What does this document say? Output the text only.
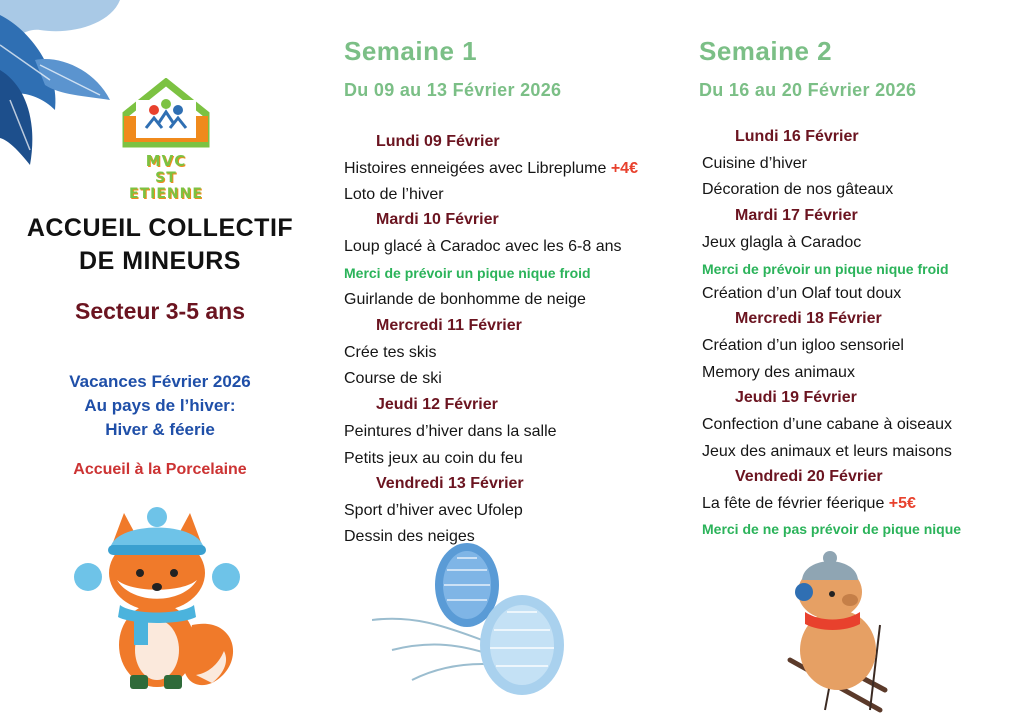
MVC
ST ETIENNE
ACCUEIL COLLECTIF
DE MINEURS
Secteur 3-5 ans
Vacances Février 2026
Au pays de l’hiver:
Hiver & féerie
Accueil à la Porcelaine
Semaine 1
Du 09 au 13 Février 2026
Lundi 09 Février
Histoires enneigées avec Libreplume +4€
Loto de l’hiver
Mardi 10 Février
Loup glacé à Caradoc avec les 6-8 ans
Merci de prévoir un pique nique froid
Guirlande de bonhomme de neige
Mercredi 11 Février
Crée tes skis
Course de ski
Jeudi 12 Février
Peintures d’hiver dans la salle
Petits jeux au coin du feu
Vendredi 13 Février
Sport d’hiver avec Ufolep
Dessin des neiges
Semaine 2
Du 16 au 20 Février 2026
Lundi 16 Février
Cuisine d’hiver
Décoration de nos gâteaux
Mardi 17 Février
Jeux glagla à Caradoc
Merci de prévoir un pique nique froid
Création d’un Olaf tout doux
Mercredi 18 Février
Création d’un igloo sensoriel
Memory des animaux
Jeudi 19 Février
Confection d’une cabane à oiseaux
Jeux des animaux et leurs maisons
Vendredi 20 Février
La fête de février féerique +5€
Merci de ne pas prévoir de pique nique
